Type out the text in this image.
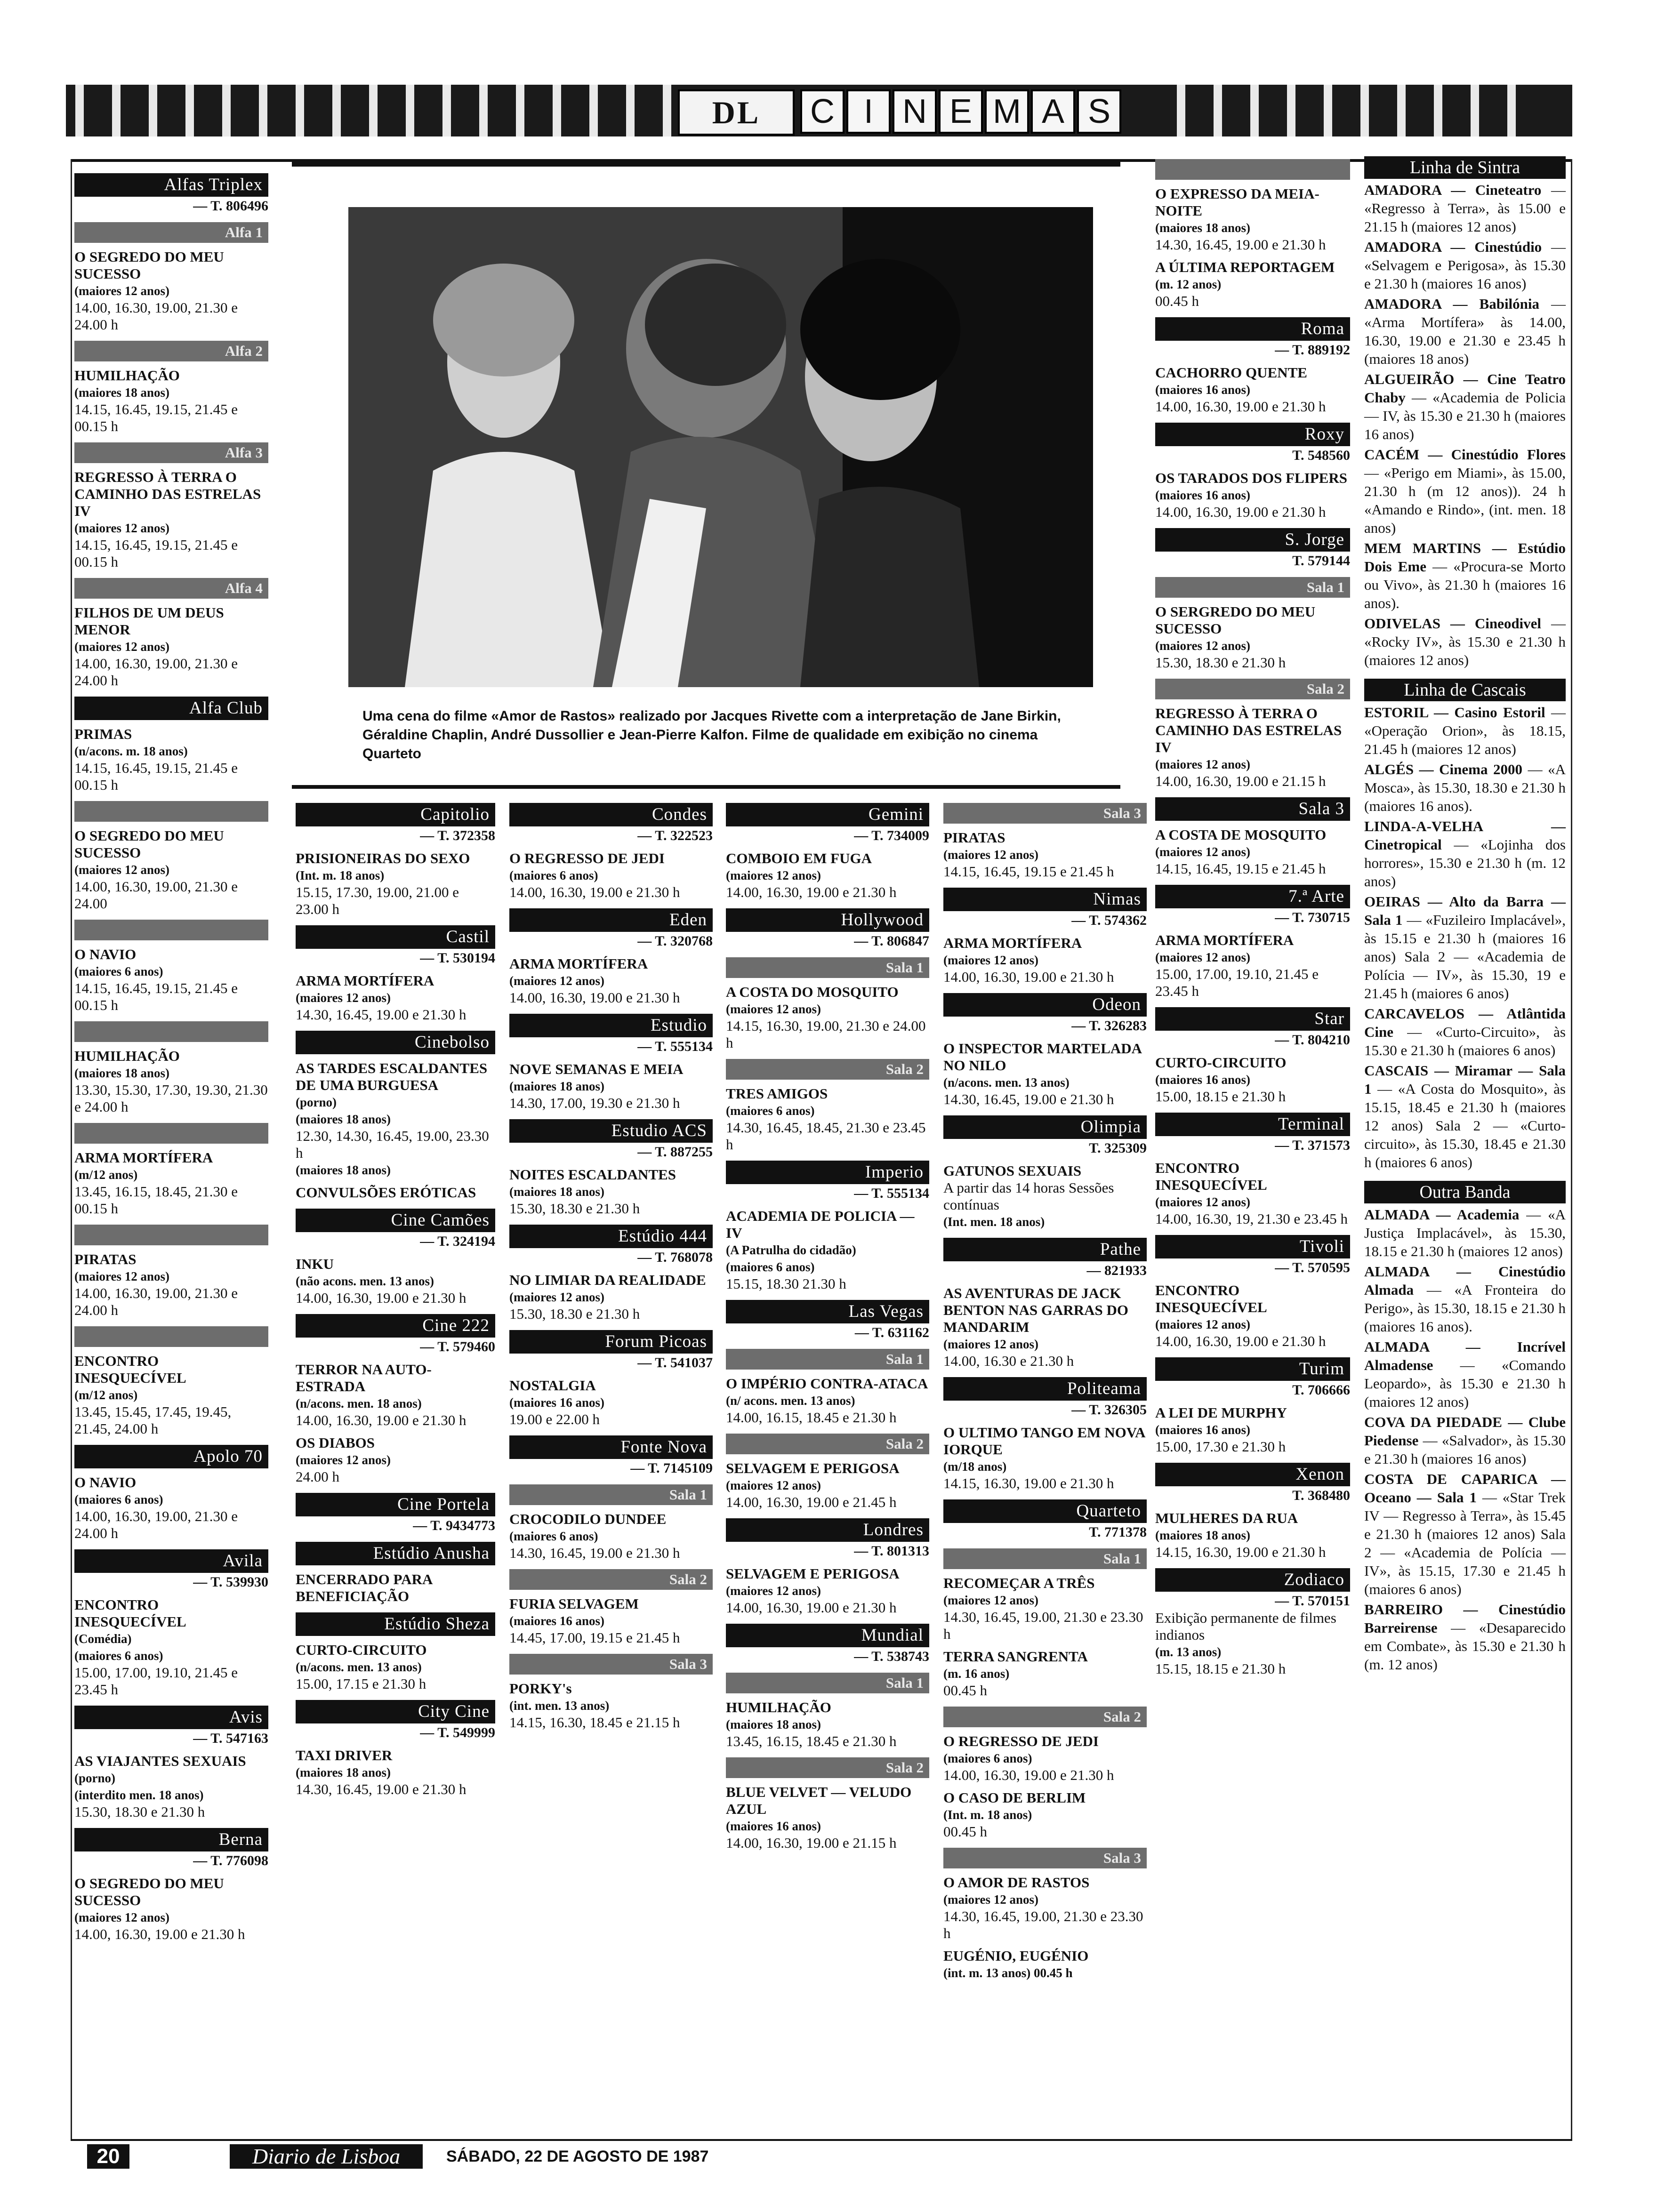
DL	C I N E M A S
Uma cena do filme «Amor de Rastos» realizado por Jacques Rivette com a interpretação de Jane Birkin, Géraldine Chaplin, André Dussollier e Jean-Pierre Kalfon. Filme de qualidade em exibição no cinema Quarteto
Alfas Triplex
— T. 806496
Alfa 1
O SEGREDO DO MEU SUCESSO
(maiores 12 anos)
14.00, 16.30, 19.00, 21.30 e 24.00 h
Alfa 2
HUMILHAÇÃO
(maiores 18 anos)
14.15, 16.45, 19.15, 21.45 e 00.15 h
Alfa 3
REGRESSO À TERRA O CAMINHO DAS ESTRELAS IV
(maiores 12 anos)
14.15, 16.45, 19.15, 21.45 e 00.15 h
Alfa 4
FILHOS DE UM DEUS MENOR
(maiores 12 anos)
14.00, 16.30, 19.00, 21.30 e 24.00 h
Alfa Club
PRIMAS
(n/acons. m. 18 anos)
14.15, 16.45, 19.15, 21.45 e 00.15 h

O SEGREDO DO MEU SUCESSO
(maiores 12 anos)
14.00, 16.30, 19.00, 21.30 e 24.00

O NAVIO
(maiores 6 anos)
14.15, 16.45, 19.15, 21.45 e 00.15 h

HUMILHAÇÃO
(maiores 18 anos)
13.30, 15.30, 17.30, 19.30, 21.30 e 24.00 h

ARMA MORTÍFERA
(m/12 anos)
13.45, 16.15, 18.45, 21.30 e 00.15 h

PIRATAS
(maiores 12 anos)
14.00, 16.30, 19.00, 21.30 e 24.00 h

ENCONTRO INESQUECÍVEL
(m/12 anos)
13.45, 15.45, 17.45, 19.45, 21.45, 24.00 h
Apolo 70
O NAVIO
(maiores 6 anos)
14.00, 16.30, 19.00, 21.30 e 24.00 h
Avila
— T. 539930
ENCONTRO INESQUECÍVEL
(Comédia)
(maiores 6 anos)
15.00, 17.00, 19.10, 21.45 e 23.45 h
Avis
— T. 547163
AS VIAJANTES SEXUAIS
(porno)
(interdito men. 18 anos)
15.30, 18.30 e 21.30 h
Berna
— T. 776098
O SEGREDO DO MEU SUCESSO
(maiores 12 anos)
14.00, 16.30, 19.00 e 21.30 h
Capitolio
— T. 372358
PRISIONEIRAS DO SEXO
(Int. m. 18 anos)
15.15, 17.30, 19.00, 21.00 e 23.00 h
Castil
— T. 530194
ARMA MORTÍFERA
(maiores 12 anos)
14.30, 16.45, 19.00 e 21.30 h
Cinebolso
AS TARDES ESCALDANTES DE UMA BURGUESA
(porno)
(maiores 18 anos)
12.30, 14.30, 16.45, 19.00, 23.30 h
(maiores 18 anos)
CONVULSÕES ERÓTICAS
Cine Camões
— T. 324194
INKU
(não acons. men. 13 anos)
14.00, 16.30, 19.00 e 21.30 h
Cine 222
— T. 579460
TERROR NA AUTO-ESTRADA
(n/acons. men. 18 anos)
14.00, 16.30, 19.00 e 21.30 h
OS DIABOS
(maiores 12 anos)
24.00 h
Cine Portela
— T. 9434773
Estúdio Anusha
ENCERRADO PARA BENEFICIAÇÃO
Estúdio Sheza
CURTO-CIRCUITO
(n/acons. men. 13 anos)
15.00, 17.15 e 21.30 h
City Cine
— T. 549999
TAXI DRIVER
(maiores 18 anos)
14.30, 16.45, 19.00 e 21.30 h
Condes
— T. 322523
O REGRESSO DE JEDI
(maiores 6 anos)
14.00, 16.30, 19.00 e 21.30 h
Eden
— T. 320768
ARMA MORTÍFERA
(maiores 12 anos)
14.00, 16.30, 19.00 e 21.30 h
Estudio
— T. 555134
NOVE SEMANAS E MEIA
(maiores 18 anos)
14.30, 17.00, 19.30 e 21.30 h
Estudio ACS
— T. 887255
NOITES ESCALDANTES
(maiores 18 anos)
15.30, 18.30 e 21.30 h
Estúdio 444
— T. 768078
NO LIMIAR DA REALIDADE
(maiores 12 anos)
15.30, 18.30 e 21.30 h
Forum Picoas
— T. 541037
NOSTALGIA
(maiores 16 anos)
19.00 e 22.00 h
Fonte Nova
— T. 7145109
Sala 1
CROCODILO DUNDEE
(maiores 6 anos)
14.30, 16.45, 19.00 e 21.30 h
Sala 2
FURIA SELVAGEM
(maiores 16 anos)
14.45, 17.00, 19.15 e 21.45 h
Sala 3
PORKY's
(int. men. 13 anos)
14.15, 16.30, 18.45 e 21.15 h
Gemini
— T. 734009
COMBOIO EM FUGA
(maiores 12 anos)
14.00, 16.30, 19.00 e 21.30 h
Hollywood
— T. 806847
Sala 1
A COSTA DO MOSQUITO
(maiores 12 anos)
14.15, 16.30, 19.00, 21.30 e 24.00 h
Sala 2
TRES AMIGOS
(maiores 6 anos)
14.30, 16.45, 18.45, 21.30 e 23.45 h
Imperio
— T. 555134
ACADEMIA DE POLICIA — IV
(A Patrulha do cidadão)
(maiores 6 anos)
15.15, 18.30 21.30 h
Las Vegas
— T. 631162
Sala 1
O IMPÉRIO CONTRA-ATACA
(n/ acons. men. 13 anos)
14.00, 16.15, 18.45 e 21.30 h
Sala 2
SELVAGEM E PERIGOSA
(maiores 12 anos)
14.00, 16.30, 19.00 e 21.45 h
Londres
— T. 801313
SELVAGEM E PERIGOSA
(maiores 12 anos)
14.00, 16.30, 19.00 e 21.30 h
Mundial
— T. 538743
Sala 1
HUMILHAÇÃO
(maiores 18 anos)
13.45, 16.15, 18.45 e 21.30 h
Sala 2
BLUE VELVET — VELUDO AZUL
(maiores 16 anos)
14.00, 16.30, 19.00 e 21.15 h
Sala 3
PIRATAS
(maiores 12 anos)
14.15, 16.45, 19.15 e 21.45 h
Nimas
— T. 574362
ARMA MORTÍFERA
(maiores 12 anos)
14.00, 16.30, 19.00 e 21.30 h
Odeon
— T. 326283
O INSPECTOR MARTELADA NO NILO
(n/acons. men. 13 anos)
14.30, 16.45, 19.00 e 21.30 h
Olimpia
T. 325309
GATUNOS SEXUAIS
A partir das 14 horas Sessões contínuas
(Int. men. 18 anos)
Pathe
— 821933
AS AVENTURAS DE JACK BENTON NAS GARRAS DO MANDARIM
(maiores 12 anos)
14.00, 16.30 e 21.30 h
Politeama
— T. 326305
O ULTIMO TANGO EM NOVA IORQUE
(m/18 anos)
14.15, 16.30, 19.00 e 21.30 h
Quarteto
T. 771378
Sala 1
RECOMEÇAR A TRÊS
(maiores 12 anos)
14.30, 16.45, 19.00, 21.30 e 23.30 h
TERRA SANGRENTA
(m. 16 anos)
00.45 h
Sala 2
O REGRESSO DE JEDI
(maiores 6 anos)
14.00, 16.30, 19.00 e 21.30 h
O CASO DE BERLIM
(Int. m. 18 anos)
00.45 h
Sala 3
O AMOR DE RASTOS
(maiores 12 anos)
14.30, 16.45, 19.00, 21.30 e 23.30 h
EUGÉNIO, EUGÉNIO
(int. m. 13 anos) 00.45 h

O EXPRESSO DA MEIA-NOITE
(maiores 18 anos)
14.30, 16.45, 19.00 e 21.30 h
A ÚLTIMA REPORTAGEM
(m. 12 anos)
00.45 h
Roma
— T. 889192
CACHORRO QUENTE
(maiores 16 anos)
14.00, 16.30, 19.00 e 21.30 h
Roxy
T. 548560
OS TARADOS DOS FLIPERS
(maiores 16 anos)
14.00, 16.30, 19.00 e 21.30 h
S. Jorge
T. 579144
Sala 1
O SERGREDO DO MEU SUCESSO
(maiores 12 anos)
15.30, 18.30 e 21.30 h
Sala 2
REGRESSO À TERRA O CAMINHO DAS ESTRELAS IV
(maiores 12 anos)
14.00, 16.30, 19.00 e 21.15 h
Sala 3
A COSTA DE MOSQUITO
(maiores 12 anos)
14.15, 16.45, 19.15 e 21.45 h
7.ª Arte
— T. 730715
ARMA MORTÍFERA
(maiores 12 anos)
15.00, 17.00, 19.10, 21.45 e 23.45 h
Star
— T. 804210
CURTO-CIRCUITO
(maiores 16 anos)
15.00, 18.15 e 21.30 h
Terminal
— T. 371573
ENCONTRO INESQUECÍVEL
(maiores 12 anos)
14.00, 16.30, 19, 21.30 e 23.45 h
Tivoli
— T. 570595
ENCONTRO INESQUECÍVEL
(maiores 12 anos)
14.00, 16.30, 19.00 e 21.30 h
Turim
T. 706666
A LEI DE MURPHY
(maiores 16 anos)
15.00, 17.30 e 21.30 h
Xenon
T. 368480
MULHERES DA RUA
(maiores 18 anos)
14.15, 16.30, 19.00 e 21.30 h
Zodiaco
— T. 570151
Exibição permanente de filmes indianos
(m. 13 anos)
15.15, 18.15 e 21.30 h
Linha de Sintra
AMADORA — Cineteatro — «Regresso à Terra», às 15.00 e 21.15 h (maiores 12 anos)
AMADORA — Cinestúdio — «Selvagem e Perigosa», às 15.30 e 21.30 h (maiores 16 anos)
AMADORA — Babilónia — «Arma Mortífera» às 14.00, 16.30, 19.00 e 21.30 e 23.45 h (maiores 18 anos)
ALGUEIRÃO — Cine Teatro Chaby — «Academia de Policia — IV, às 15.30 e 21.30 h (maiores 16 anos)
CACÉM — Cinestúdio Flores — «Perigo em Miami», às 15.00, 21.30 h (m 12 anos)). 24 h «Amando e Rindo», (int. men. 18 anos)
MEM MARTINS — Estúdio Dois Eme — «Procura-se Morto ou Vivo», às 21.30 h (maiores 16 anos).
ODIVELAS — Cineodivel — «Rocky IV», às 15.30 e 21.30 h (maiores 12 anos)
Linha de Cascais
ESTORIL — Casino Estoril — «Operação Orion», às 18.15, 21.45 h (maiores 12 anos)
ALGÉS — Cinema 2000 — «A Mosca», às 15.30, 18.30 e 21.30 h (maiores 16 anos).
LINDA-A-VELHA — Cinetropical — «Lojinha dos horrores», 15.30 e 21.30 h (m. 12 anos)
OEIRAS — Alto da Barra — Sala 1 — «Fuzileiro Implacável», às 15.15 e 21.30 h (maiores 16 anos) Sala 2 — «Academia de Polícia — IV», às 15.30, 19 e 21.45 h (maiores 6 anos)
CARCAVELOS — Atlântida Cine — «Curto-Circuito», às 15.30 e 21.30 h (maiores 6 anos)
CASCAIS — Miramar — Sala 1 — «A Costa do Mosquito», às 15.15, 18.45 e 21.30 h (maiores 12 anos) Sala 2 — «Curto-circuito», às 15.30, 18.45 e 21.30 h (maiores 6 anos)
Outra Banda
ALMADA — Academia — «A Justiça Implacável», às 15.30, 18.15 e 21.30 h (maiores 12 anos)
ALMADA — Cinestúdio Almada — «A Fronteira do Perigo», às 15.30, 18.15 e 21.30 h (maiores 16 anos).
ALMADA — Incrível Almadense — «Comando Leopardo», às 15.30 e 21.30 h (maiores 12 anos)
COVA DA PIEDADE — Clube Piedense — «Salvador», às 15.30 e 21.30 h (maiores 16 anos)
COSTA DE CAPARICA — Oceano — Sala 1 — «Star Trek IV — Regresso à Terra», às 15.45 e 21.30 h (maiores 12 anos) Sala 2 — «Academia de Polícia — IV», às 15.15, 17.30 e 21.45 h (maiores 6 anos)
BARREIRO — Cinestúdio Barreirense — «Desaparecido em Combate», às 15.30 e 21.30 h (m. 12 anos)
20	Diario de Lisboa	SÁBADO, 22 DE AGOSTO DE 1987
